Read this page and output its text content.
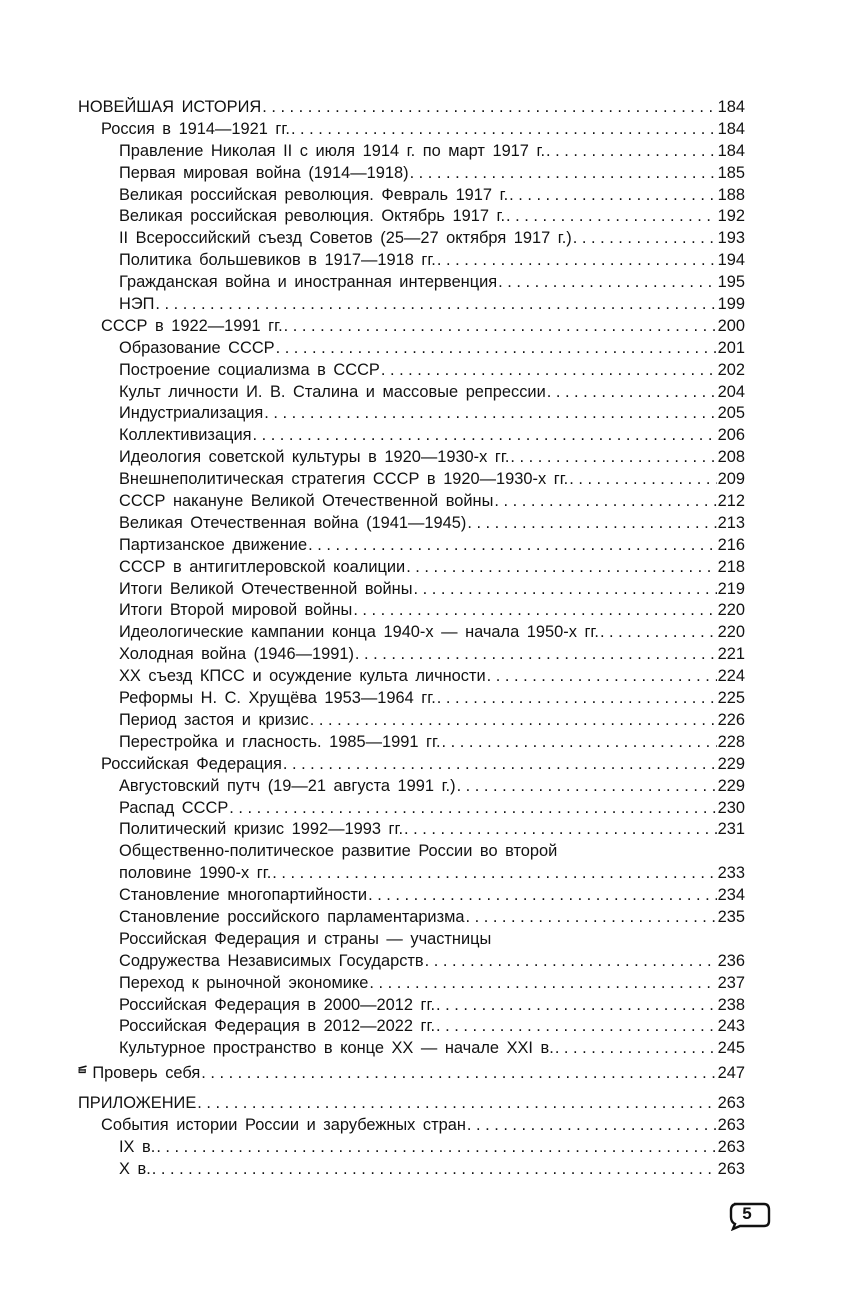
НОВЕЙШАЯ ИСТОРИЯ . . .	184
Россия в 1914—1921 гг. . . .	184
Правление Николая II с июля 1914 г. по март 1917 г. . . .	184
Первая мировая война (1914—1918) . . .	185
Великая российская революция. Февраль 1917 г. . . .	188
Великая российская революция. Октябрь 1917 г. . . .	192
II Всероссийский съезд Советов (25—27 октября 1917 г.) . . .	193
Политика большевиков в 1917—1918 гг. . . .	194
Гражданская война и иностранная интервенция . . .	195
НЭП . . .	199
СССР в 1922—1991 гг. . . .	200
Образование СССР . . .	201
Построение социализма в СССР . . .	202
Культ личности И. В. Сталина и массовые репрессии . . .	204
Индустриализация . . .	205
Коллективизация . . .	206
Идеология советской культуры в 1920—1930-х гг. . . .	208
Внешнеполитическая стратегия СССР в 1920—1930-х гг. . . .	209
СССР накануне Великой Отечественной войны . . .	212
Великая Отечественная война (1941—1945) . . .	213
Партизанское движение . . .	216
СССР в антигитлеровской коалиции . . .	218
Итоги Великой Отечественной войны . . .	219
Итоги Второй мировой войны . . .	220
Идеологические кампании конца 1940-х — начала 1950-х гг. . . .	220
Холодная война (1946—1991) . . .	221
XX съезд КПСС и осуждение культа личности . . .	224
Реформы Н. С. Хрущёва 1953—1964 гг. . . .	225
Период застоя и кризис . . .	226
Перестройка и гласность. 1985—1991 гг. . . .	228
Российская Федерация . . .	229
Августовский путч (19—21 августа 1991 г.) . . .	229
Распад СССР . . .	230
Политический кризис 1992—1993 гг. . . .	231
Общественно-политическое развитие России во второй
половине 1990-х гг. . . .	233
Становление многопартийности . . .	234
Становление российского парламентаризма . . .	235
Российская Федерация и страны — участницы
Содружества Независимых Государств . . .	236
Переход к рыночной экономике . . .	237
Российская Федерация в 2000—2012 гг. . . .	238
Российская Федерация в 2012—2022 гг. . . .	243
Культурное пространство в конце XX — начале XXI в. . . .	245
Проверь себя . . .	247
ПРИЛОЖЕНИЕ . . .	263
События истории России и зарубежных стран . . .	263
IX в. . . .	263
X в. . . .	263
5
